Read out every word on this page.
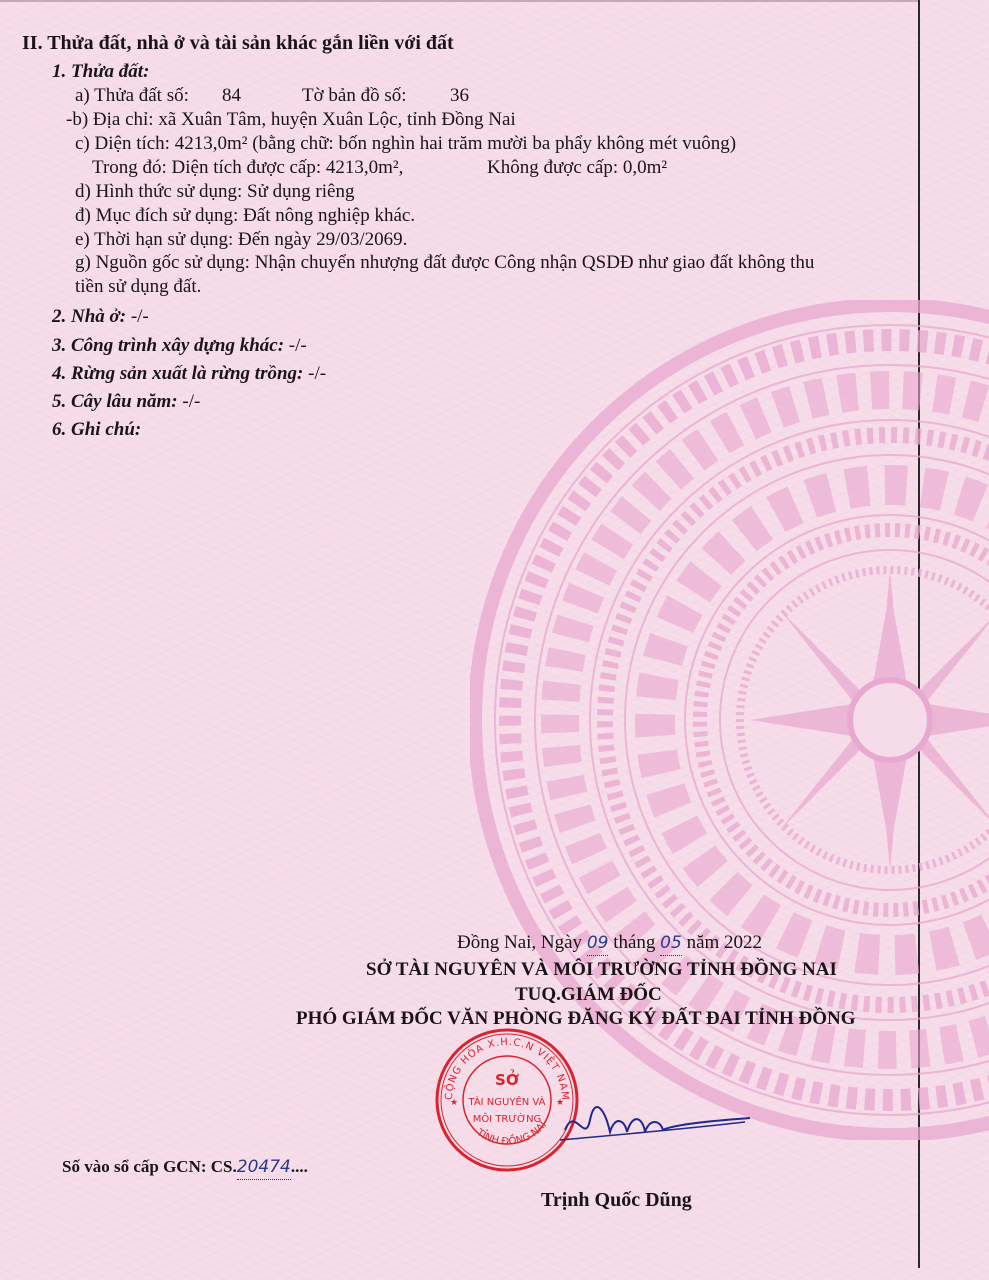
II. Thửa đất, nhà ở và tài sản khác gắn liền với đất
1. Thửa đất:
a) Thửa đất số: 84	Tờ bản đồ số: 36
-b) Địa chỉ: xã Xuân Tâm, huyện Xuân Lộc, tỉnh Đồng Nai
c) Diện tích: 4213,0m² (bằng chữ: bốn nghìn hai trăm mười ba phẩy không mét vuông)
Trong đó: Diện tích được cấp: 4213,0m²,	Không được cấp: 0,0m²
d) Hình thức sử dụng: Sử dụng riêng
đ) Mục đích sử dụng: Đất nông nghiệp khác.
e) Thời hạn sử dụng: Đến ngày 29/03/2069.
g) Nguồn gốc sử dụng: Nhận chuyển nhượng đất được Công nhận QSDĐ như giao đất không thu
tiền sử dụng đất.
2. Nhà ở: -/-
3. Công trình xây dựng khác: -/-
4. Rừng sản xuất là rừng trồng: -/-
5. Cây lâu năm: -/-
6. Ghi chú:
Đồng Nai, Ngày 09 tháng 05 năm 2022
SỞ TÀI NGUYÊN VÀ MÔI TRƯỜNG TỈNH ĐỒNG NAI
TUQ.GIÁM ĐỐC
PHÓ GIÁM ĐỐC VĂN PHÒNG ĐĂNG KÝ ĐẤT ĐAI TỈNH ĐỒNG
CỘNG HÒA X.H.C.N VIỆT NAM
TỈNH ĐỒNG NAI
SỞ
TÀI NGUYÊN VÀ
MÔI TRƯỜNG
★	★
Số vào sổ cấp GCN: CS.20474....
Trịnh Quốc Dũng
